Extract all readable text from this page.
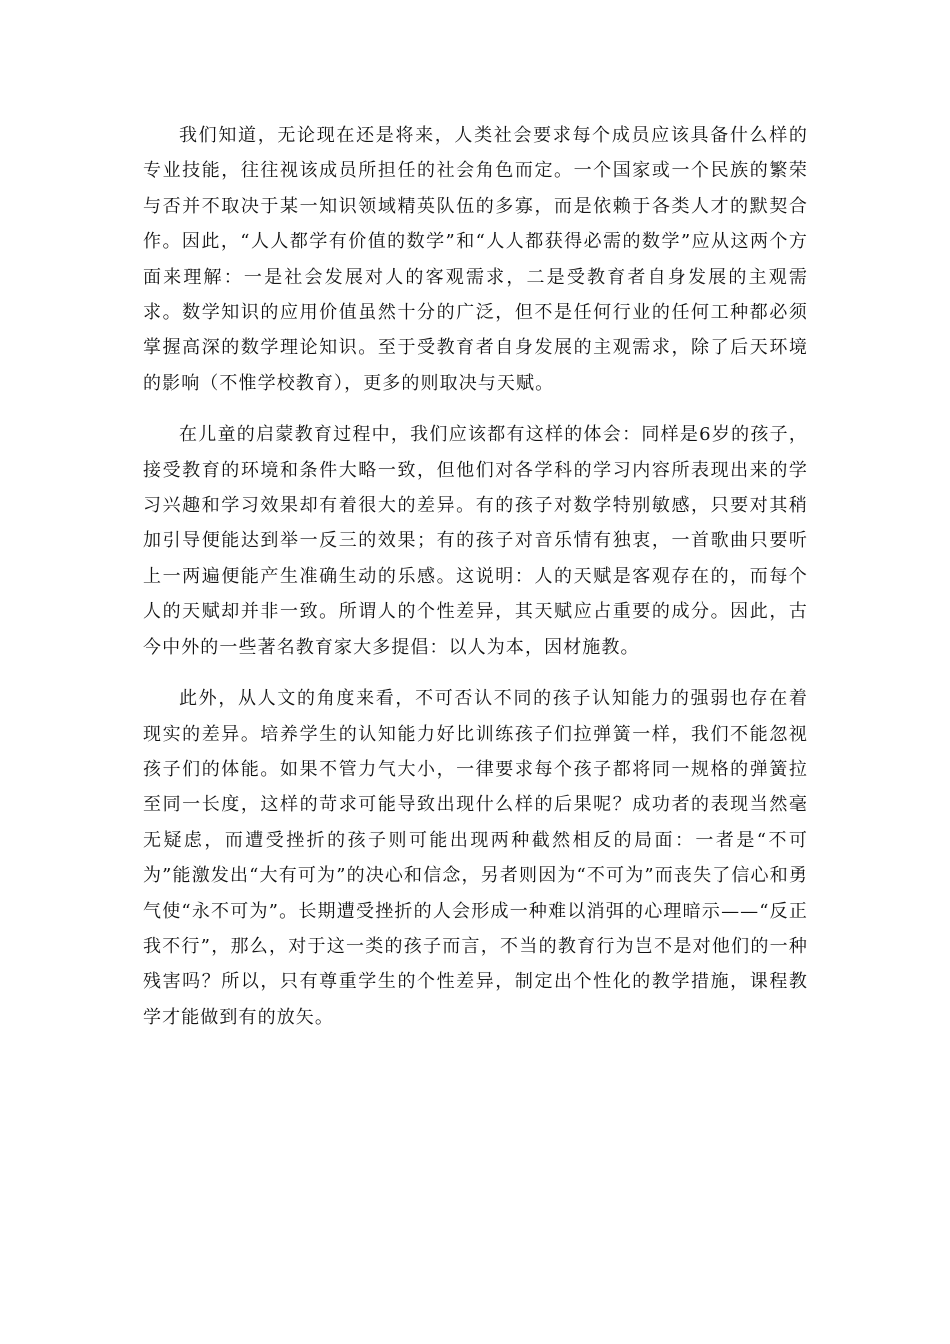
我们知道，无论现在还是将来，人类社会要求每个成员应该具备什么样的专业技能，往往视该成员所担任的社会角色而定。一个国家或一个民族的繁荣与否并不取决于某一知识领域精英队伍的多寡，而是依赖于各类人才的默契合作。因此，“人人都学有价值的数学”和“人人都获得必需的数学”应从这两个方面来理解：一是社会发展对人的客观需求，二是受教育者自身发展的主观需求。数学知识的应用价值虽然十分的广泛，但不是任何行业的任何工种都必须掌握高深的数学理论知识。至于受教育者自身发展的主观需求，除了后天环境的影响（不惟学校教育），更多的则取决与天赋。

在儿童的启蒙教育过程中，我们应该都有这样的体会：同样是6岁的孩子，接受教育的环境和条件大略一致，但他们对各学科的学习内容所表现出来的学习兴趣和学习效果却有着很大的差异。有的孩子对数学特别敏感，只要对其稍加引导便能达到举一反三的效果；有的孩子对音乐情有独衷，一首歌曲只要听上一两遍便能产生准确生动的乐感。这说明：人的天赋是客观存在的，而每个人的天赋却并非一致。所谓人的个性差异，其天赋应占重要的成分。因此，古今中外的一些著名教育家大多提倡：以人为本，因材施教。

此外，从人文的角度来看，不可否认不同的孩子认知能力的强弱也存在着现实的差异。培养学生的认知能力好比训练孩子们拉弹簧一样，我们不能忽视孩子们的体能。如果不管力气大小，一律要求每个孩子都将同一规格的弹簧拉至同一长度，这样的苛求可能导致出现什么样的后果呢？成功者的表现当然毫无疑虑，而遭受挫折的孩子则可能出现两种截然相反的局面：一者是“不可为”能激发出“大有可为”的决心和信念，另者则因为“不可为”而丧失了信心和勇气使“永不可为”。长期遭受挫折的人会形成一种难以消弭的心理暗示——“反正我不行”，那么，对于这一类的孩子而言，不当的教育行为岂不是对他们的一种残害吗？所以，只有尊重学生的个性差异，制定出个性化的教学措施，课程教学才能做到有的放矢。
